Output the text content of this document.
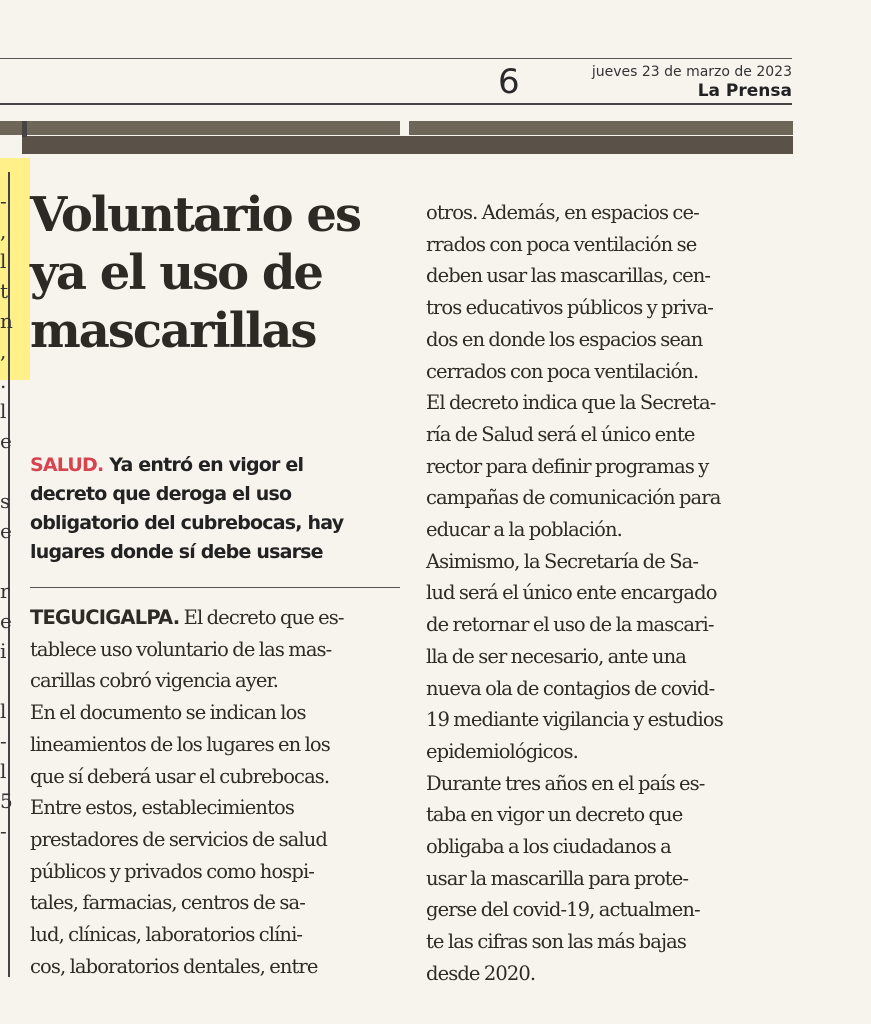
6	jueves 23 de marzo de 2023
La Prensa
-
,
l
t
n
,
.
l
e

s
e

r
e
i

l
-
l
5
-
Voluntario es
ya el uso de
mascarillas

SALUD. Ya entró en vigor el
decreto que deroga el uso
obligatorio del cubrebocas, hay
lugares donde sí debe usarse

TEGUCIGALPA. El decreto que es-

tablece uso voluntario de las mas-

carillas cobró vigencia ayer.

En el documento se indican los

lineamientos de los lugares en los

que sí deberá usar el cubrebocas.

Entre estos, establecimientos

prestadores de servicios de salud

públicos y privados como hospi-

tales, farmacias, centros de sa-

lud, clínicas, laboratorios clíni-

cos, laboratorios dentales, entre

otros. Además, en espacios ce-

rrados con poca ventilación se

deben usar las mascarillas, cen-

tros educativos públicos y priva-

dos en donde los espacios sean

cerrados con poca ventilación.

El decreto indica que la Secreta-

ría de Salud será el único ente

rector para definir programas y

campañas de comunicación para

educar a la población.

Asimismo, la Secretaría de Sa-

lud será el único ente encargado

de retornar el uso de la mascari-

lla de ser necesario, ante una

nueva ola de contagios de covid-

19 mediante vigilancia y estudios

epidemiológicos.

Durante tres años en el país es-

taba en vigor un decreto que

obligaba a los ciudadanos a

usar la mascarilla para prote-

gerse del covid-19, actualmen-

te las cifras son las más bajas

desde 2020.
